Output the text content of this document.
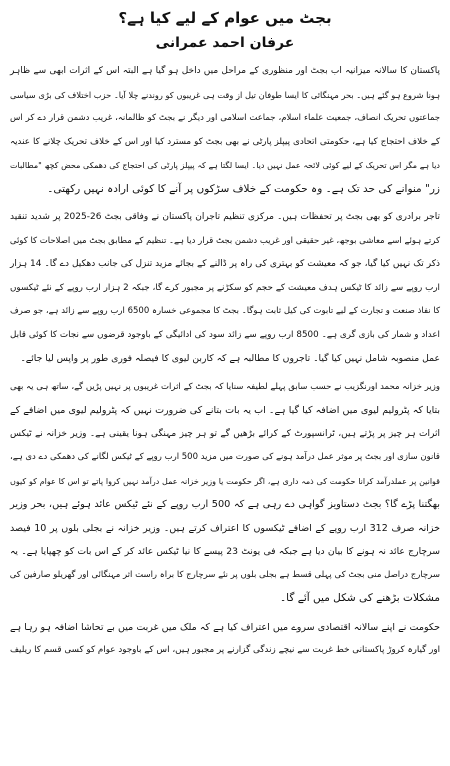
بجٹ میں عوام کے لیے کیا ہے؟
عرفان احمد عمرانی
پاکستان کا سالانہ میزانیہ اب بجٹ اور منظوری کے مراحل میں داخل ہو گیا ہے البتہ اس کے اثرات ابھی سے ظاہر
ہونا شروع ہو گئے ہیں۔ بحر مہنگائی کا ایسا طوفان تیل از وقت ہی غریبوں کو روندنے چلا آیا۔ حزب اختلاف کی بڑی سیاسی
جماعتوں تحریک انصاف، جمعیت علماء اسلام، جماعت اسلامی اور دیگر نے بجٹ کو ظالمانہ، غریب دشمن قرار دے کر اس
کے خلاف احتجاج کیا ہے، حکومتی اتحادی پیپلز پارٹی نے بھی بجٹ کو مسترد کیا اور اس کے خلاف تحریک چلانے کا عندیہ
دیا ہے مگر اس تحریک کے لیے کوئی لائحہ عمل نہیں دیا۔ ایسا لگتا ہے کہ پیپلز پارٹی کی احتجاج کی دھمکی محض کچھ "مطالبات
زر" منوانے کی حد تک ہے۔ وہ حکومت کے خلاف سڑکوں پر آنے کا کوئی ارادہ نہیں رکھتی۔
تاجر برادری کو بھی بجٹ پر تحفظات ہیں۔ مرکزی تنظیم تاجران پاکستان نے وفاقی بجٹ 26-2025 پر شدید تنقید
کرتے ہوئے اسے معاشی بوجھ، غیر حقیقی اور غریب دشمن بجٹ قرار دیا ہے۔ تنظیم کے مطابق بجٹ میں اصلاحات کا کوئی
ذکر تک نہیں کیا گیا، جو کہ معیشت کو بہتری کی راہ پر ڈالنے کے بجائے مزید تنزل کی جانب دھکیل دے گا۔ 14 ہزار
ارب روپے سے زائد کا ٹیکس ہدف معیشت کے حجم کو سکڑنے پر مجبور کرے گا، جبکہ 2 ہزار ارب روپے کے نئے ٹیکسوں
کا نفاذ صنعت و تجارت کے لیے تابوت کی کیل ثابت ہوگا۔ بجٹ کا مجموعی خسارہ 6500 ارب روپے سے زائد ہے، جو صرف
اعداد و شمار کی بازی گری ہے۔ 8500 ارب روپے سے زائد سود کی ادائیگی کے باوجود قرضوں سے نجات کا کوئی قابل
عمل منصوبہ شامل نہیں کیا گیا۔ تاجروں کا مطالبہ ہے کہ کاربن لیوی کا فیصلہ فوری طور پر واپس لیا جائے۔
وزیر خزانہ محمد اورنگزیب نے حسب سابق پہلے لطیفہ سنایا کہ بجٹ کے اثرات غریبوں پر نہیں پڑیں گے، ساتھ ہی یہ بھی
بتایا کہ پٹرولیم لیوی میں اضافہ کیا گیا ہے۔ اب یہ بات بتانے کی ضرورت نہیں کہ پٹرولیم لیوی میں اضافے کے
اثرات ہر چیز پر پڑتے ہیں، ٹرانسپورٹ کے کرائے بڑھیں گے تو ہر چیز مہنگی ہونا یقینی ہے۔ وزیر خزانہ نے ٹیکس
قانون سازی اور بجٹ پر موثر عمل درآمد ہونے کی صورت میں مزید 500 ارب روپے کے ٹیکس لگانے کی دھمکی دے دی ہے،
قوانین پر عملدرآمد کرانا حکومت کی ذمہ داری ہے، اگر حکومت یا وزیر خزانہ عمل درآمد نہیں کروا پاتے تو اس کا عوام کو کیوں
بھگتنا پڑے گا؟ بجٹ دستاویز گواہی دے رہی ہے کہ 500 ارب روپے کے نئے ٹیکس عائد ہوئے ہیں، بحر وزیر
خزانہ صرف 312 ارب روپے کے اضافے ٹیکسوں کا اعتراف کرتے ہیں۔ وزیر خزانہ نے بجلی بلوں پر 10 فیصد
سرچارج عائد نہ ہونے کا بیان دیا ہے جبکہ فی یونٹ 23 پیسے کا نیا ٹیکس عائد کر کے اس بات کو چھپایا ہے۔ یہ
سرچارج دراصل منی بجٹ کی پہلی قسط ہے بجلی بلوں پر نئے سرچارج کا براہ راست اثر مہنگائی اور گھریلو صارفین کی
مشکلات بڑھنے کی شکل میں آئے گا۔
حکومت نے اپنے سالانہ اقتصادی سروے میں اعتراف کیا ہے کہ ملک میں غربت میں بے تحاشا اضافہ ہو رہا ہے
اور گیارہ کروڑ پاکستانی خط غربت سے نیچے زندگی گزارنے پر مجبور ہیں، اس کے باوجود عوام کو کسی قسم کا ریلیف
